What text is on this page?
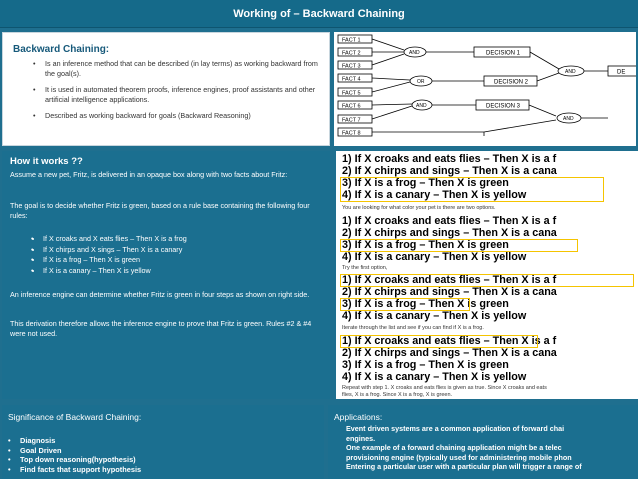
Working of – Backward Chaining
Backward Chaining:
• Is an inference method that can be described (in lay terms) as working backward from the goal(s).
• It is used in automated theorem proofs, inference engines, proof assistants and other artificial intelligence applications.
• Described as working backward for goals (Backward Reasoning)
FACT 1
FACT 2
FACT 3
FACT 4
FACT 5
FACT 6
FACT 7
FACT 8
AND
OR
AND
AND
AND
DECISION 1
DECISION 2
DECISION 3
DE
How it works ??

Assume a new pet, Fritz, is delivered in an opaque box along with two facts about Fritz:

The goal is to decide whether Fritz is green, based on a rule base containing the following four rules:

An inference engine can determine whether Fritz is green in four steps as shown on right side.

This derivation therefore allows the inference engine to prove that Fritz is green. Rules #2 & #4 were not used.

• • If X croaks and X eats flies – Then X is a frog
• • If X chirps and X sings – Then X is a canary
• • If X is a frog – Then X is green
• • If X is a canary – Then X is yellow
1) If X croaks and eats flies – Then X is a f
2) If X chirps and sings – Then X is a cana
3) If X is a frog – Then X is green
4) If X is a canary – Then X is yellow
You are looking for what color your pet is there are two options.
1) If X croaks and eats flies – Then X is a f
2) If X chirps and sings – Then X is a cana
3) If X is a frog – Then X is green
4) If X is a canary – Then X is yellow
Try the first option,
1) If X croaks and eats flies – Then X is a f
2) If X chirps and sings – Then X is a cana
3) If X is a frog – Then X is green
4) If X is a canary – Then X is yellow
Iterate through the list and see if you can find if X is a frog.
1) If X croaks and eats flies – Then X is a f
2) If X chirps and sings – Then X is a cana
3) If X is a frog – Then X is green
4) If X is a canary – Then X is yellow
Repeat with step 1. X croaks and eats flies is given as true. Since X croaks and eats
flies, X is a frog. Since X is a frog, X is green.
Significance of Backward Chaining:
• Diagnosis
• Goal Driven
• Top down reasoning(hypothesis)
• Find facts that support hypothesis
Applications:
• Event driven systems are a common application of forward chai
engines.
• One example of a forward chaining application might be a telec
provisioning engine (typically used for administering mobile phon
Entering a particular user with a particular plan will trigger a range of
